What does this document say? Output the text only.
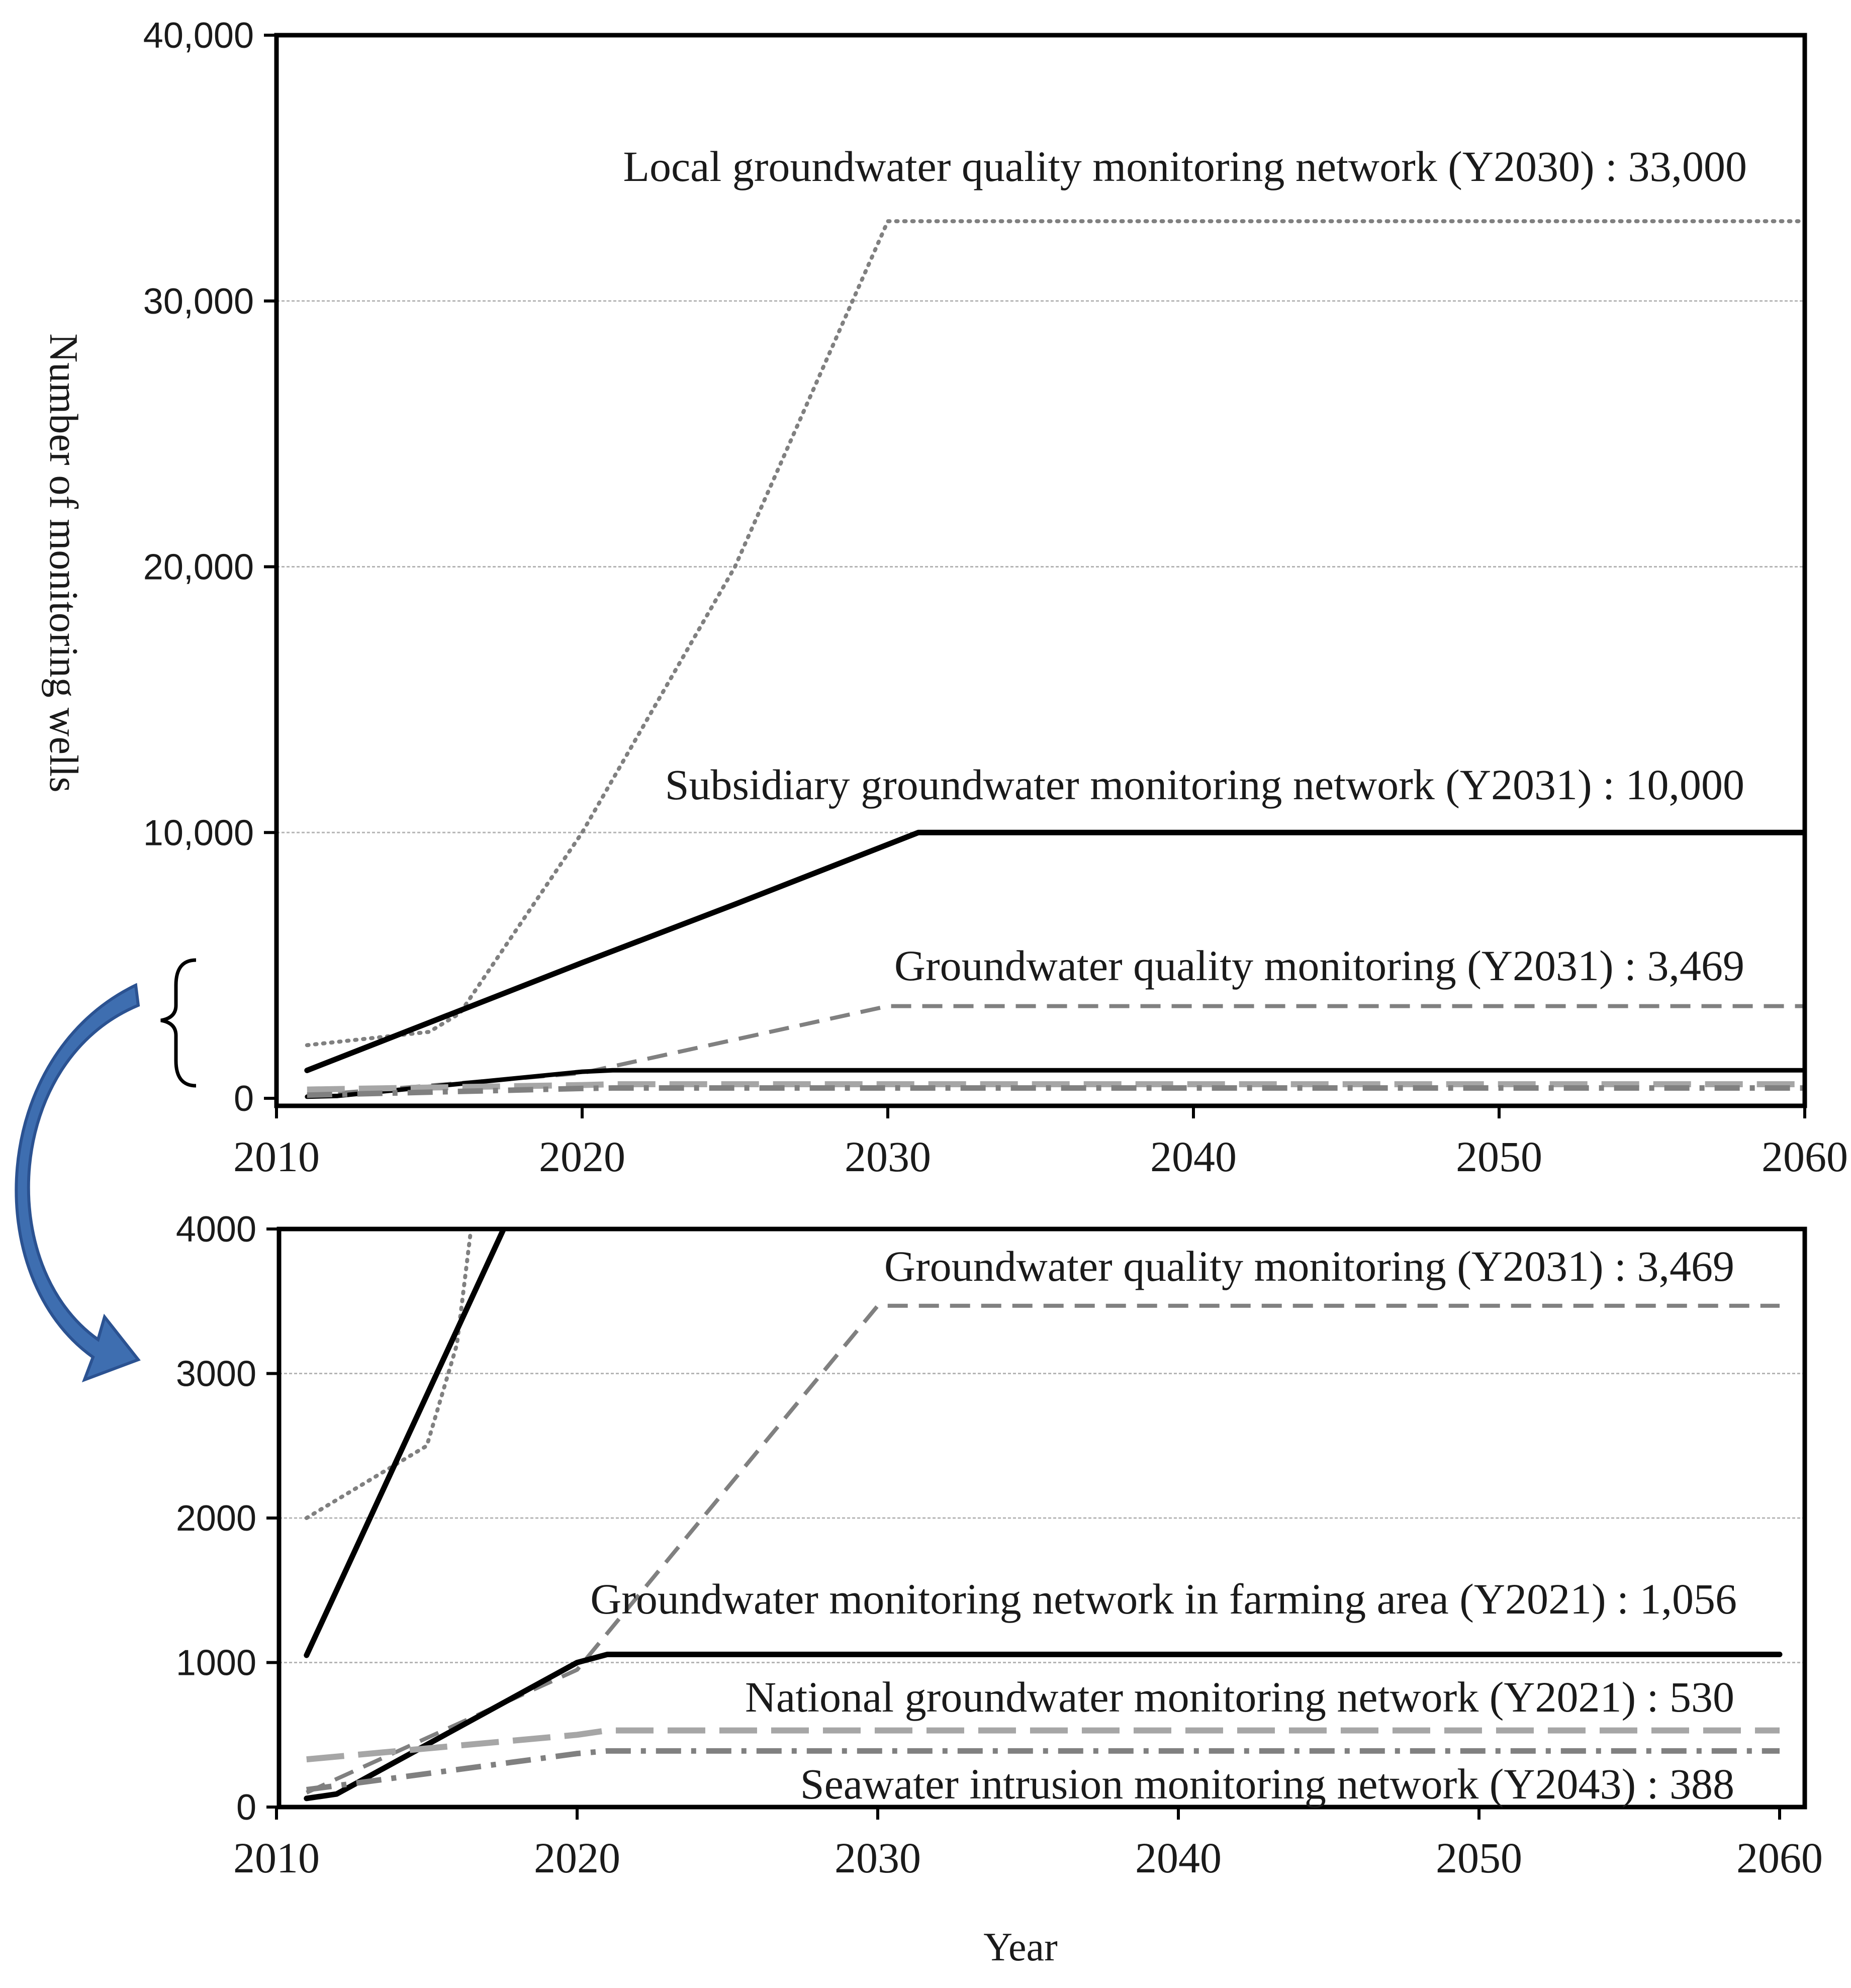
0
10,000
20,000
30,000
40,000
2010	2020	2030	2040	2050	2060
Local groundwater quality monitoring network (Y2030) : 33,000
Subsidiary groundwater monitoring network (Y2031) : 10,000
Groundwater quality monitoring (Y2031) : 3,469
Number of monitoring wells
0
1000
2000
3000
4000
2010	2020	2030	2040	2050	2060
Groundwater quality monitoring (Y2031) : 3,469
Groundwater monitoring network in farming area (Y2021) : 1,056
National groundwater monitoring network (Y2021) : 530
Seawater intrusion monitoring network (Y2043) : 388
Year
